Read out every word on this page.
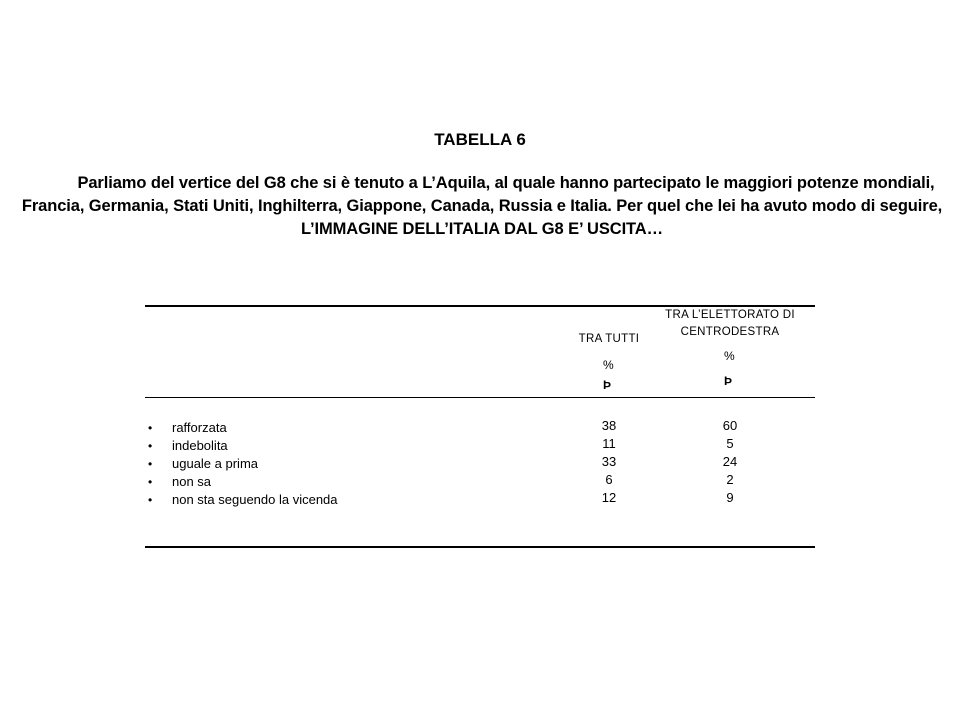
TABELLA 6
Parliamo del vertice del G8 che si è tenuto a L’Aquila, al quale hanno partecipato le maggiori potenze mondiali, Francia, Germania, Stati Uniti, Inghilterra, Giappone, Canada, Russia e Italia. Per quel che lei ha avuto modo di seguire, L’IMMAGINE DELL’ITALIA DAL G8 E’ USCITA…
TRA TUTTI
TRA L’ELETTORATO DI
CENTRODESTRA
%
%
Þ	Þ
• rafforzata	38	60
• indebolita	11	5
• uguale a prima	33	24
• non sa	6	2
• non sta seguendo la vicenda	12	9
